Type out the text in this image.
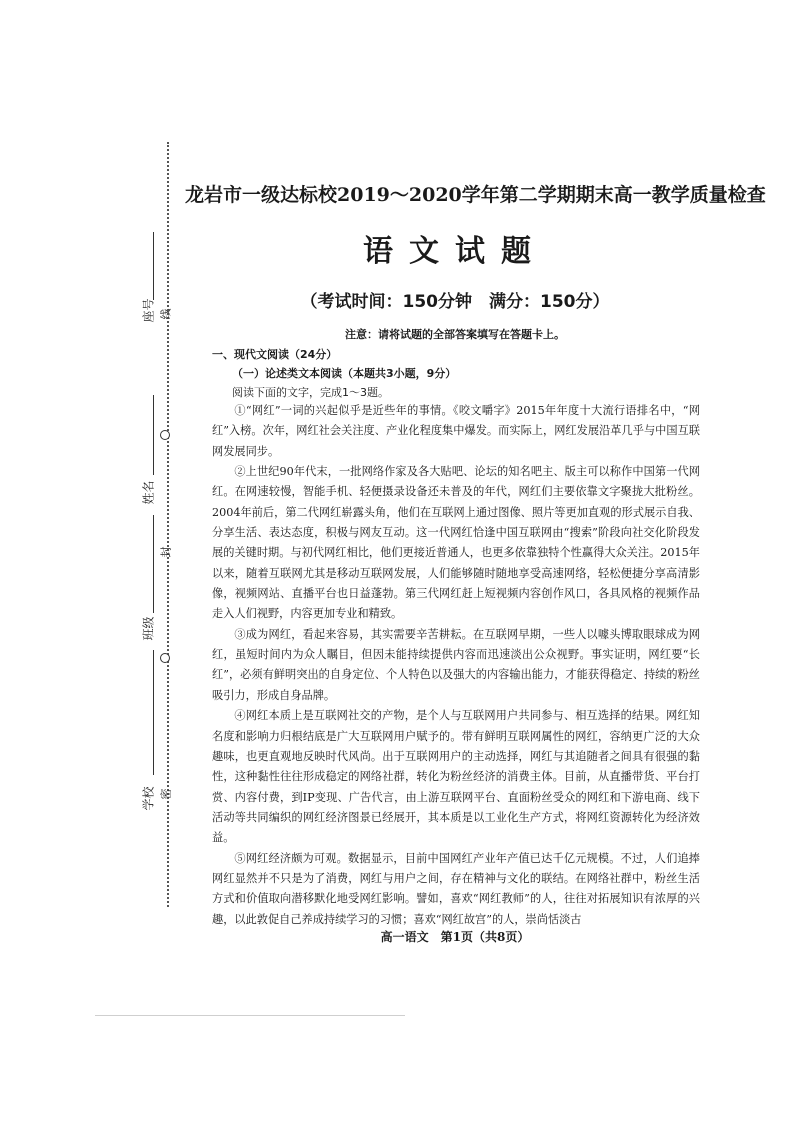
座号 线
姓名
班级
封
学校 密
龙岩市一级达标校2019～2020学年第二学期期末高一教学质量检查
语文试题
（考试时间：150分钟　满分：150分）
注意：请将试题的全部答案填写在答题卡上。
一、现代文阅读（24分）
（一）论述类文本阅读（本题共3小题，9分）
阅读下面的文字，完成1～3题。

①“网红”一词的兴起似乎是近些年的事情。《咬文嚼字》2015年年度十大流行语排名中，“网红”入榜。次年，网红社会关注度、产业化程度集中爆发。而实际上，网红发展沿革几乎与中国互联网发展同步。

②上世纪90年代末，一批网络作家及各大贴吧、论坛的知名吧主、版主可以称作中国第一代网红。在网速较慢，智能手机、轻便摄录设备还未普及的年代，网红们主要依靠文字聚拢大批粉丝。2004年前后，第二代网红崭露头角，他们在互联网上通过图像、照片等更加直观的形式展示自我、分享生活、表达态度，积极与网友互动。这一代网红恰逢中国互联网由“搜索”阶段向社交化阶段发展的关键时期。与初代网红相比，他们更接近普通人，也更多依靠独特个性赢得大众关注。2015年以来，随着互联网尤其是移动互联网发展，人们能够随时随地享受高速网络，轻松便捷分享高清影像，视频网站、直播平台也日益蓬勃。第三代网红赶上短视频内容创作风口，各具风格的视频作品走入人们视野，内容更加专业和精致。

③成为网红，看起来容易，其实需要辛苦耕耘。在互联网早期，一些人以噱头博取眼球成为网红，虽短时间内为众人瞩目，但因未能持续提供内容而迅速淡出公众视野。事实证明，网红要“长红”，必须有鲜明突出的自身定位、个人特色以及强大的内容输出能力，才能获得稳定、持续的粉丝吸引力，形成自身品牌。

④网红本质上是互联网社交的产物，是个人与互联网用户共同参与、相互选择的结果。网红知名度和影响力归根结底是广大互联网用户赋予的。带有鲜明互联网属性的网红，容纳更广泛的大众趣味，也更直观地反映时代风尚。出于互联网用户的主动选择，网红与其追随者之间具有很强的黏性，这种黏性往往形成稳定的网络社群，转化为粉丝经济的消费主体。目前，从直播带货、平台打赏、内容付费，到IP变现、广告代言，由上游互联网平台、直面粉丝受众的网红和下游电商、线下活动等共同编织的网红经济图景已经展开，其本质是以工业化生产方式，将网红资源转化为经济效益。

⑤网红经济颇为可观。数据显示，目前中国网红产业年产值已达千亿元规模。不过，人们追捧网红显然并不只是为了消费，网红与用户之间，存在精神与文化的联结。在网络社群中，粉丝生活方式和价值取向潜移默化地受网红影响。譬如，喜欢“网红教师”的人，往往对拓展知识有浓厚的兴趣，以此敦促自己养成持续学习的习惯；喜欢“网红故宫”的人，崇尚恬淡古

高一语文　第1页（共8页）
